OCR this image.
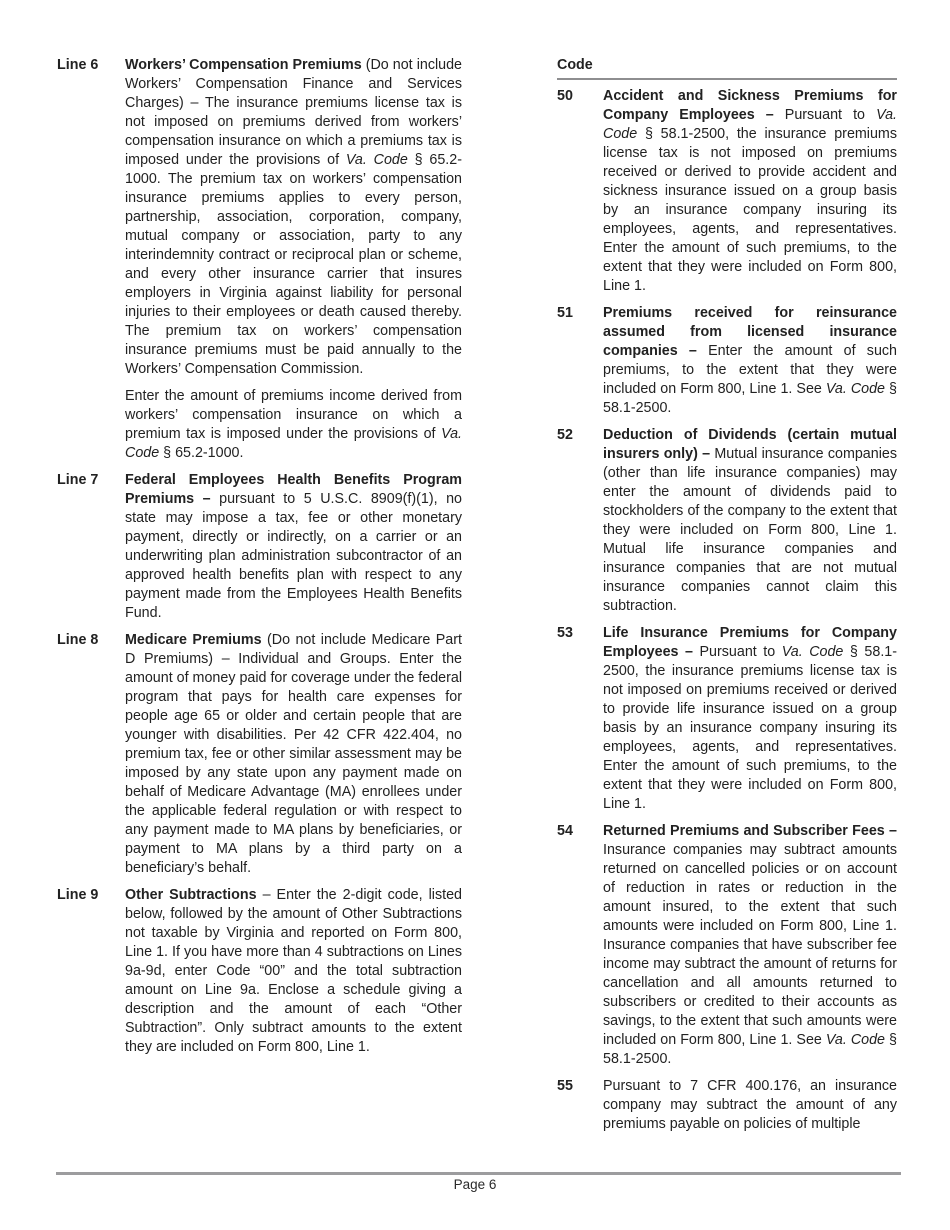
Line 6	Workers’ Compensation Premiums (Do not include Workers’ Compensation Finance and Services Charges) – The insurance premiums license tax is not imposed on premiums derived from workers’ compensation insurance on which a premiums tax is imposed under the provisions of Va. Code § 65.2-1000. The premium tax on workers’ compensation insurance premiums applies to every person, partnership, association, corporation, company, mutual company or association, party to any interindemnity contract or reciprocal plan or scheme, and every other insurance carrier that insures employers in Virginia against liability for personal injuries to their employees or death caused thereby. The premium tax on workers’ compensation insurance premiums must be paid annually to the Workers’ Compensation Commission.

Enter the amount of premiums income derived from workers’ compensation insurance on which a premium tax is imposed under the provisions of Va. Code § 65.2-1000.

Line 7	Federal Employees Health Benefits Program Premiums – pursuant to 5 U.S.C. 8909(f)(1), no state may impose a tax, fee or other monetary payment, directly or indirectly, on a carrier or an underwriting plan administration subcontractor of an approved health benefits plan with respect to any payment made from the Employees Health Benefits Fund.

Line 8	Medicare Premiums (Do not include Medicare Part D Premiums) – Individual and Groups. Enter the amount of money paid for coverage under the federal program that pays for health care expenses for people age 65 or older and certain people that are younger with disabilities. Per 42 CFR 422.404, no premium tax, fee or other similar assessment may be imposed by any state upon any payment made on behalf of Medicare Advantage (MA) enrollees under the applicable federal regulation or with respect to any payment made to MA plans by beneficiaries, or payment to MA plans by a third party on a beneficiary’s behalf.

Line 9	Other Subtractions – Enter the 2-digit code, listed below, followed by the amount of Other Subtractions not taxable by Virginia and reported on Form 800, Line 1. If you have more than 4 subtractions on Lines 9a-9d, enter Code “00” and the total subtraction amount on Line 9a. Enclose a schedule giving a description and the amount of each “Other Subtraction”. Only subtract amounts to the extent they are included on Form 800, Line 1.

Code
50	Accident and Sickness Premiums for Company Employees – Pursuant to Va. Code § 58.1-2500, the insurance premiums license tax is not imposed on premiums received or derived to provide accident and sickness insurance issued on a group basis by an insurance company insuring its employees, agents, and representatives. Enter the amount of such premiums, to the extent that they were included on Form 800, Line 1.

51	Premiums received for reinsurance assumed from licensed insurance companies – Enter the amount of such premiums, to the extent that they were included on Form 800, Line 1. See Va. Code § 58.1-2500.

52	Deduction of Dividends (certain mutual insurers only) – Mutual insurance companies (other than life insurance companies) may enter the amount of dividends paid to stockholders of the company to the extent that they were included on Form 800, Line 1. Mutual life insurance companies and insurance companies that are not mutual insurance companies cannot claim this subtraction.

53	Life Insurance Premiums for Company Employees – Pursuant to Va. Code § 58.1-2500, the insurance premiums license tax is not imposed on premiums received or derived to provide life insurance issued on a group basis by an insurance company insuring its employees, agents, and representatives. Enter the amount of such premiums, to the extent that they were included on Form 800, Line 1.

54	Returned Premiums and Subscriber Fees – Insurance companies may subtract amounts returned on cancelled policies or on account of reduction in rates or reduction in the amount insured, to the extent that such amounts were included on Form 800, Line 1. Insurance companies that have subscriber fee income may subtract the amount of returns for cancellation and all amounts returned to subscribers or credited to their accounts as savings, to the extent that such amounts were included on Form 800, Line 1. See Va. Code § 58.1-2500.

55	Pursuant to 7 CFR 400.176, an insurance company may subtract the amount of any premiums payable on policies of multiple

Page 6
